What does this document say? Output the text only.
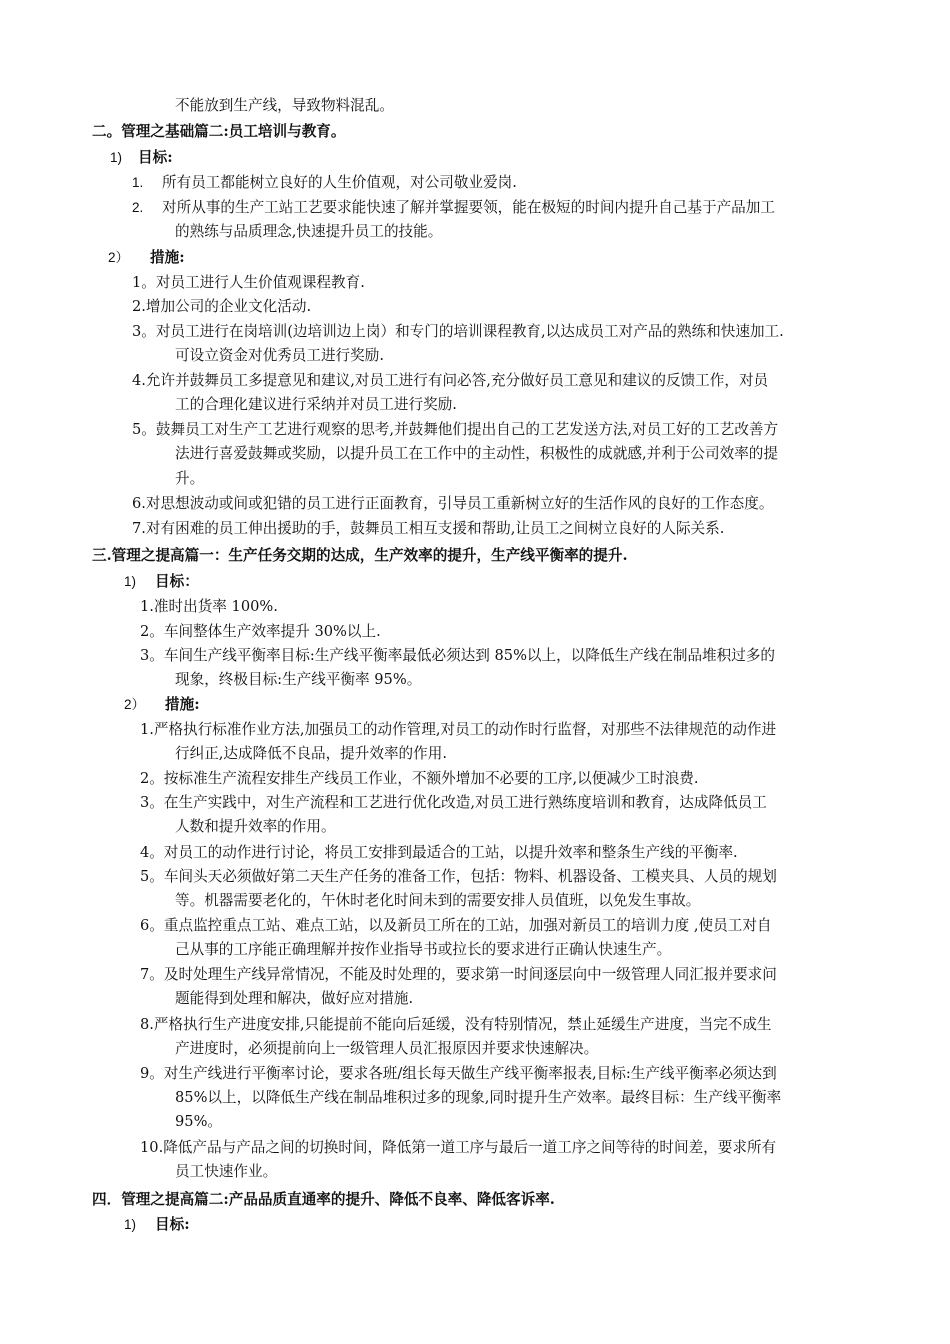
不能放到生产线，导致物料混乱。
二。管理之基础篇二:员工培训与教育。
1) 目标:
1. 所有员工都能树立良好的人生价值观，对公司敬业爱岗.
2. 对所从事的生产工站工艺要求能快速了解并掌握要领，能在极短的时间内提升自己基于产品加工
的熟练与品质理念,快速提升员工的技能。
2） 措施:
1。对员工进行人生价值观课程教育.
2.增加公司的企业文化活动.
3。对员工进行在岗培训(边培训边上岗）和专门的培训课程教育,以达成员工对产品的熟练和快速加工.
可设立资金对优秀员工进行奖励.
4.允许并鼓舞员工多提意见和建议,对员工进行有问必答,充分做好员工意见和建议的反馈工作，对员
工的合理化建议进行采纳并对员工进行奖励.
5。鼓舞员工对生产工艺进行观察的思考,并鼓舞他们提出自己的工艺发送方法,对员工好的工艺改善方
法进行喜爱鼓舞或奖励，以提升员工在工作中的主动性，积极性的成就感,并利于公司效率的提
升。
6.对思想波动或间或犯错的员工进行正面教育，引导员工重新树立好的生活作风的良好的工作态度。
7.对有困难的员工伸出援助的手，鼓舞员工相互支援和帮助,让员工之间树立良好的人际关系.
三.管理之提高篇一：生产任务交期的达成，生产效率的提升，生产线平衡率的提升.
1) 目标：
1.准时出货率 100%.
2。车间整体生产效率提升 30%以上.
3。车间生产线平衡率目标:生产线平衡率最低必须达到 85%以上，以降低生产线在制品堆积过多的
现象，终极目标:生产线平衡率 95%。
2） 措施:
1.严格执行标准作业方法,加强员工的动作管理,对员工的动作时行监督，对那些不法律规范的动作进
行纠正,达成降低不良品，提升效率的作用.
2。按标准生产流程安排生产线员工作业，不额外增加不必要的工序,以便减少工时浪费.
3。在生产实践中，对生产流程和工艺进行优化改造,对员工进行熟练度培训和教育，达成降低员工
人数和提升效率的作用。
4。对员工的动作进行讨论，将员工安排到最适合的工站，以提升效率和整条生产线的平衡率.
5。车间头天必须做好第二天生产任务的准备工作，包括：物料、机器设备、工模夹具、人员的规划
等。机器需要老化的，午休时老化时间未到的需要安排人员值班，以免发生事故。
6。重点监控重点工站、难点工站，以及新员工所在的工站，加强对新员工的培训力度 ,使员工对自
己从事的工序能正确理解并按作业指导书或拉长的要求进行正确认快速生产。
7。及时处理生产线异常情况，不能及时处理的，要求第一时间逐层向中一级管理人同汇报并要求问
题能得到处理和解决，做好应对措施.
8.严格执行生产进度安排,只能提前不能向后延缓，没有特别情况，禁止延缓生产进度，当完不成生
产进度时，必须提前向上一级管理人员汇报原因并要求快速解决。
9。对生产线进行平衡率讨论，要求各班/组长每天做生产线平衡率报表,目标:生产线平衡率必须达到
85%以上，以降低生产线在制品堆积过多的现象,同时提升生产效率。最终目标：生产线平衡率
95%。
10.降低产品与产品之间的切换时间，降低第一道工序与最后一道工序之间等待的时间差，要求所有
员工快速作业。
四．管理之提高篇二:产品品质直通率的提升、降低不良率、降低客诉率.
1) 目标:
